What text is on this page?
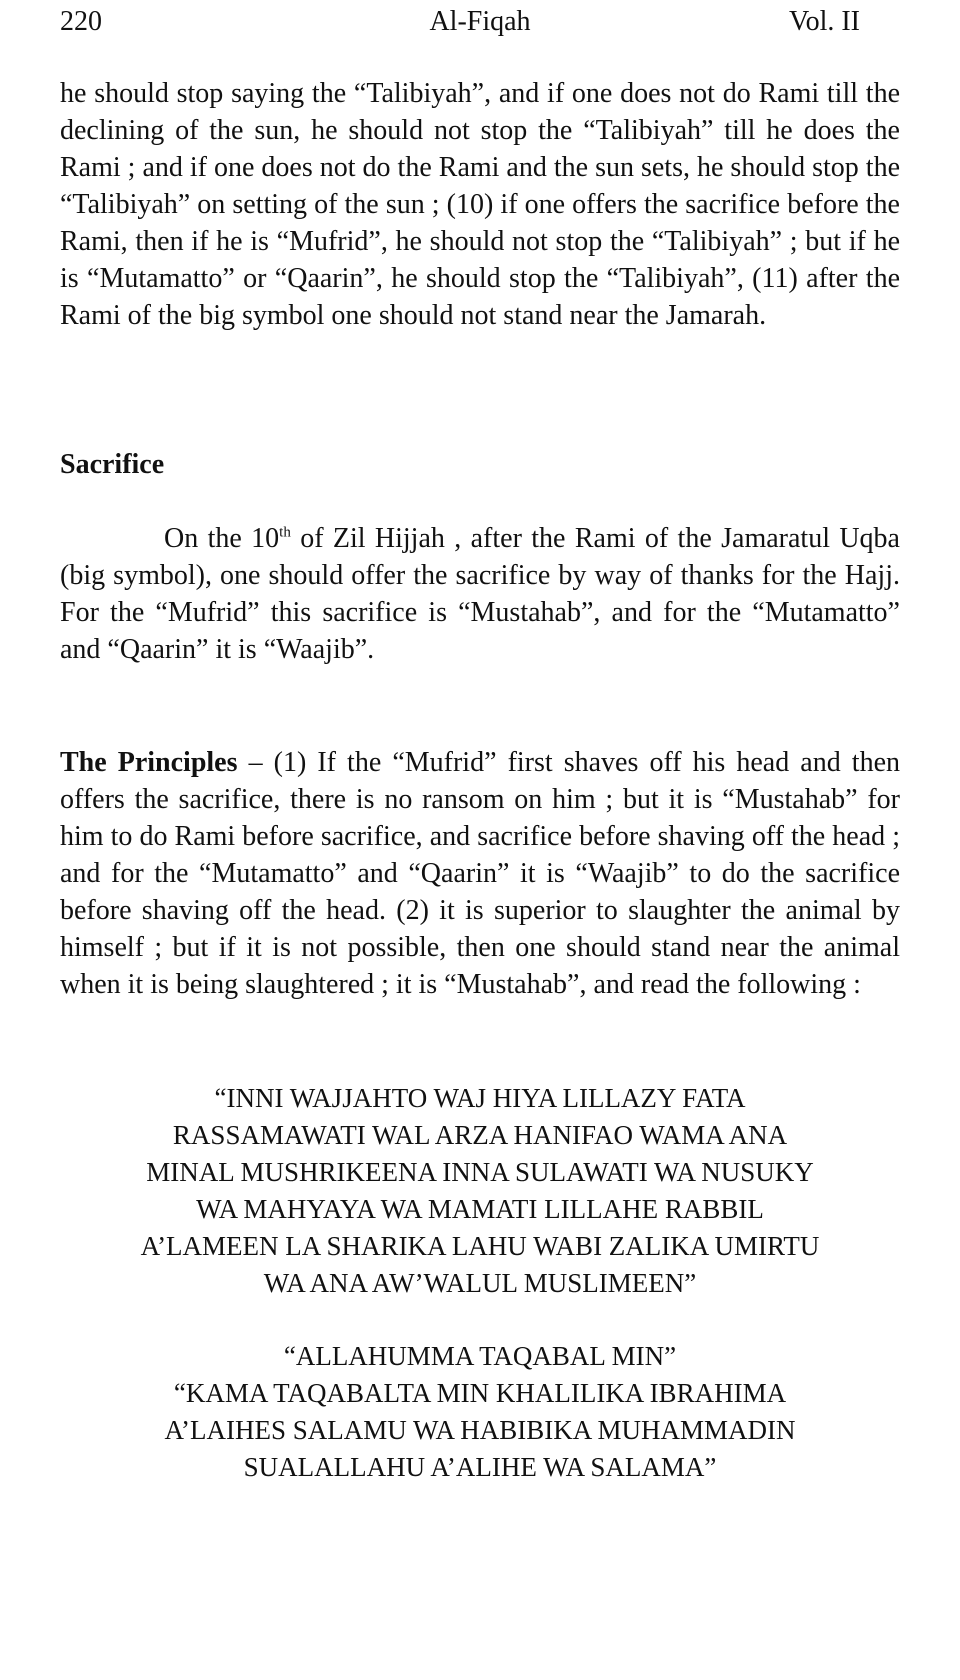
220	Al-Fiqah	Vol. II

he should stop saying the “Talibiyah”, and if one does not do Rami till the declining of the sun, he should not stop the “Talibiyah” till he does the Rami ; and if one does not do the Rami and the sun sets, he should stop the “Talibiyah” on setting of the sun ; (10) if one offers the sacrifice before the Rami, then if he is “Mufrid”, he should not stop the “Talibiyah” ; but if he is “Mutamatto” or “Qaarin”, he should stop the “Talibiyah”, (11) after the Rami of the big symbol one should not stand near the Jamarah.

Sacrifice

On the 10th of Zil Hijjah , after the Rami of the Jamaratul Uqba (big symbol), one should offer the sacrifice by way of thanks for the Hajj. For the “Mufrid” this sacrifice is “Mustahab”, and for the “Mutamatto” and “Qaarin” it is “Waajib”.

The Principles – (1) If the “Mufrid” first shaves off his head and then offers the sacrifice, there is no ransom on him ; but it is “Mustahab” for him to do Rami before sacrifice, and sacrifice before shaving off the head ; and for the “Mutamatto” and “Qaarin” it is “Waajib” to do the sacrifice before shaving off the head. (2) it is superior to slaughter the animal by himself ; but if it is not possible, then one should stand near the animal when it is being slaughtered ; it is “Mustahab”, and read the following :

“INNI WAJJAHTO WAJ HIYA LILLAZY FATA
RASSAMAWATI WAL ARZA HANIFAO WAMA ANA
MINAL MUSHRIKEENA INNA SULAWATI WA NUSUKY
WA MAHYAYA WA MAMATI LILLAHE RABBIL
A’LAMEEN LA SHARIKA LAHU WABI ZALIKA UMIRTU
WA ANA AW’WALUL MUSLIMEEN”
“ALLAHUMMA TAQABAL MIN”
“KAMA TAQABALTA MIN KHALILIKA IBRAHIMA
A’LAIHES SALAMU WA HABIBIKA MUHAMMADIN
SUALALLAHU A’ALIHE WA SALAMA”
